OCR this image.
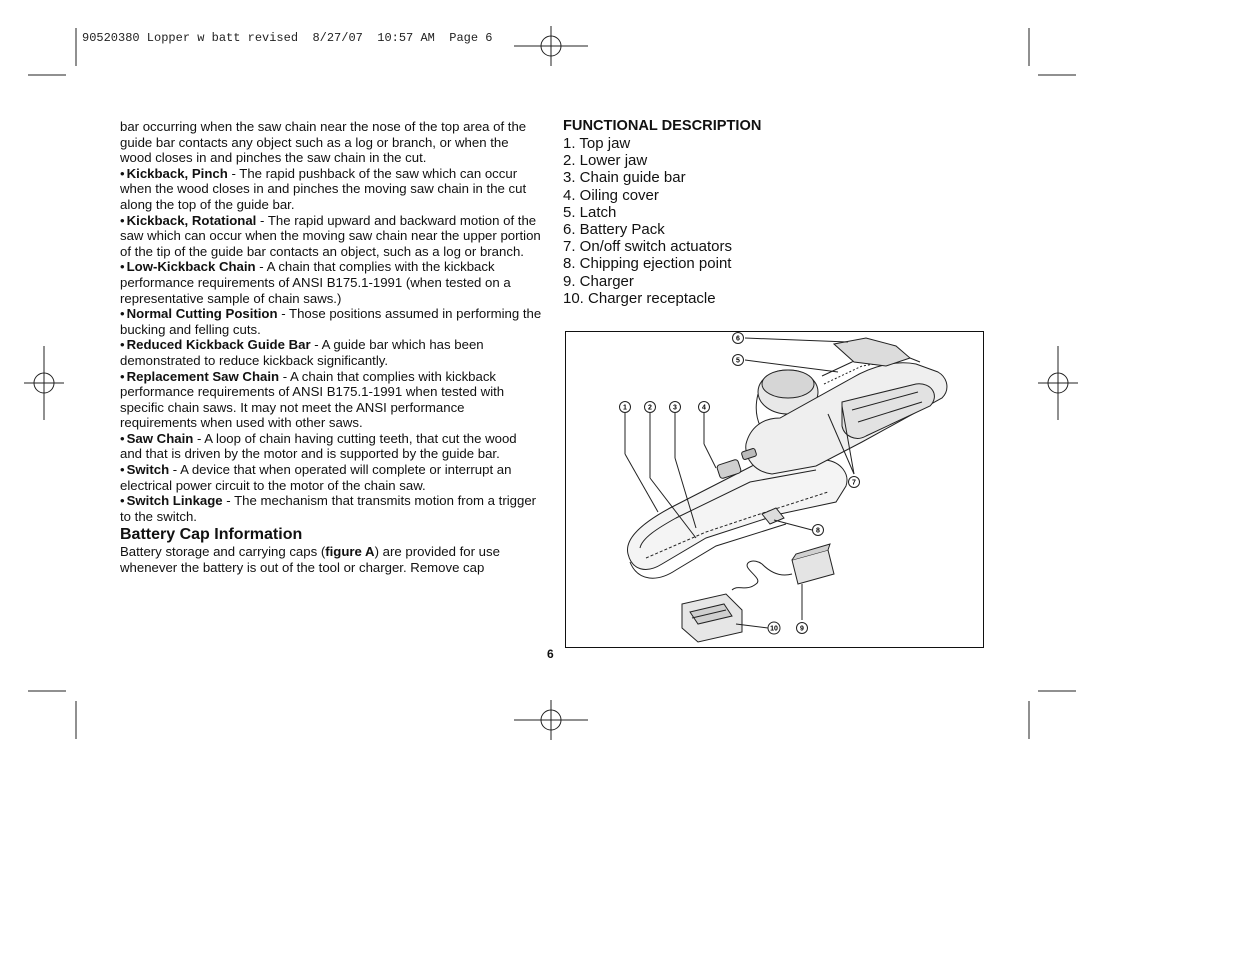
90520380 Lopper w batt revised  8/27/07  10:57 AM  Page 6

bar occurring when the saw chain near the nose of the top area of the guide bar contacts any object such as a log or branch, or when the wood closes in and pinches the saw chain in the cut.

• Kickback, Pinch - The rapid pushback of the saw which can occur when the wood closes in and pinches the moving saw chain in the cut along the top of the guide bar.

• Kickback, Rotational - The rapid upward and backward motion of the saw which can occur when the moving saw chain near the upper portion of the tip of the guide bar contacts an object, such as a log or branch.

• Low-Kickback Chain - A chain that complies with the kickback performance requirements of ANSI B175.1-1991 (when tested on a representative sample of chain saws.)

• Normal Cutting Position - Those positions assumed in performing the bucking and felling cuts.

• Reduced Kickback Guide Bar - A guide bar which has been demonstrated to reduce kickback significantly.

• Replacement Saw Chain - A chain that complies with kickback performance requirements of ANSI B175.1-1991 when tested with specific chain saws. It may not meet the ANSI performance requirements when used with other saws.

• Saw Chain - A loop of chain having cutting teeth, that cut the wood and that is driven by the motor and is supported by the guide bar.

• Switch - A device that when operated will complete or interrupt an electrical power circuit to the motor of the chain saw.

• Switch Linkage - The mechanism that transmits motion from a trigger to the switch.

Battery Cap Information

Battery storage and carrying caps (figure A) are provided for use whenever the battery is out of the tool or charger. Remove cap

FUNCTIONAL DESCRIPTION
1. Top jaw
2. Lower jaw
3. Chain guide bar
4. Oiling cover
5. Latch
6. Battery Pack
7. On/off switch actuators
8. Chipping ejection point
9. Charger
10. Charger receptacle
1	2	3	4
5
6
7
8
9
10
6
